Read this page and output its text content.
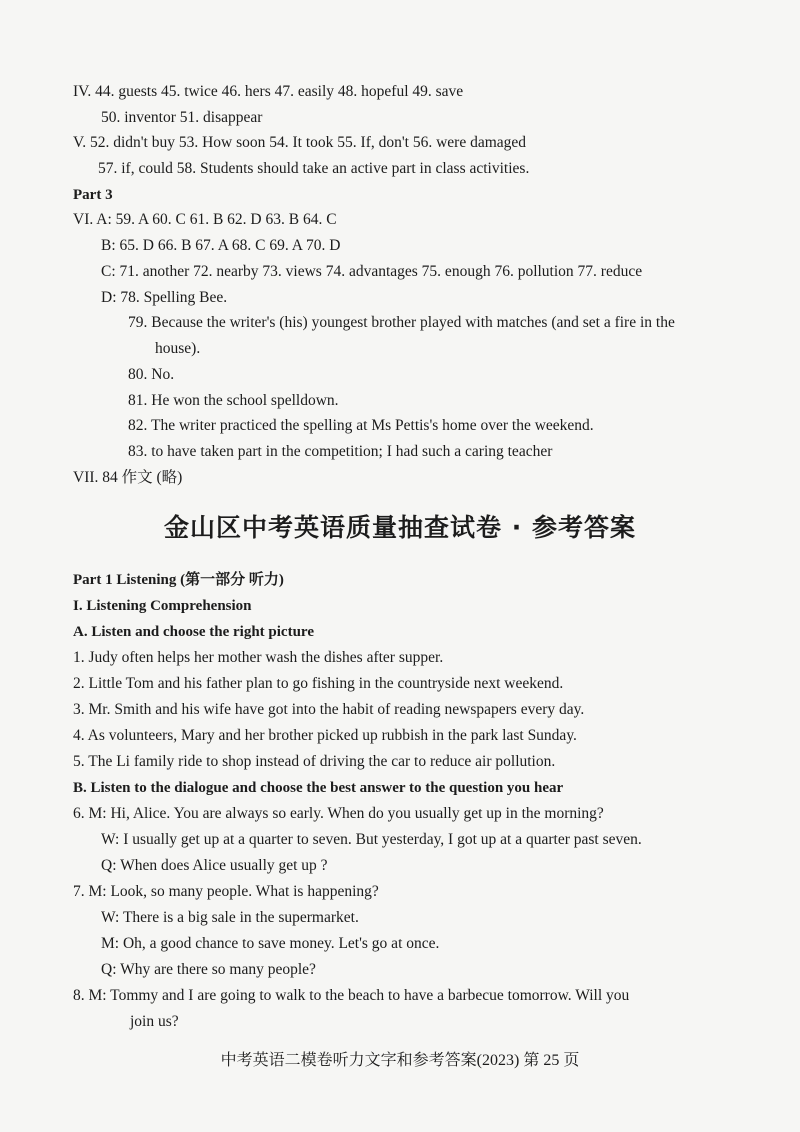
IV. 44. guests 45. twice 46. hers 47. easily 48. hopeful 49. save
50. inventor 51. disappear
V. 52. didn't buy 53. How soon 54. It took 55. If, don't 56. were damaged
57. if, could 58. Students should take an active part in class activities.
Part 3
VI. A: 59. A 60. C 61. B 62. D 63. B 64. C
B: 65. D 66. B 67. A 68. C 69. A 70. D
C: 71. another 72. nearby 73. views 74. advantages 75. enough 76. pollution 77. reduce
D: 78. Spelling Bee.
79. Because the writer's (his) youngest brother played with matches (and set a fire in the
house).
80. No.
81. He won the school spelldown.
82. The writer practiced the spelling at Ms Pettis's home over the weekend.
83. to have taken part in the competition; I had such a caring teacher
VII. 84 作文 (略)
金山区中考英语质量抽查试卷 · 参考答案
Part 1 Listening (第一部分 听力)
I. Listening Comprehension
A. Listen and choose the right picture
1. Judy often helps her mother wash the dishes after supper.
2. Little Tom and his father plan to go fishing in the countryside next weekend.
3. Mr. Smith and his wife have got into the habit of reading newspapers every day.
4. As volunteers, Mary and her brother picked up rubbish in the park last Sunday.
5. The Li family ride to shop instead of driving the car to reduce air pollution.
B. Listen to the dialogue and choose the best answer to the question you hear
6. M: Hi, Alice. You are always so early. When do you usually get up in the morning?
W: I usually get up at a quarter to seven. But yesterday, I got up at a quarter past seven.
Q: When does Alice usually get up ?
7. M: Look, so many people. What is happening?
W: There is a big sale in the supermarket.
M: Oh, a good chance to save money. Let's go at once.
Q: Why are there so many people?
8. M: Tommy and I are going to walk to the beach to have a barbecue tomorrow. Will you
join us?
中考英语二模卷听力文字和参考答案(2023) 第 25 页
